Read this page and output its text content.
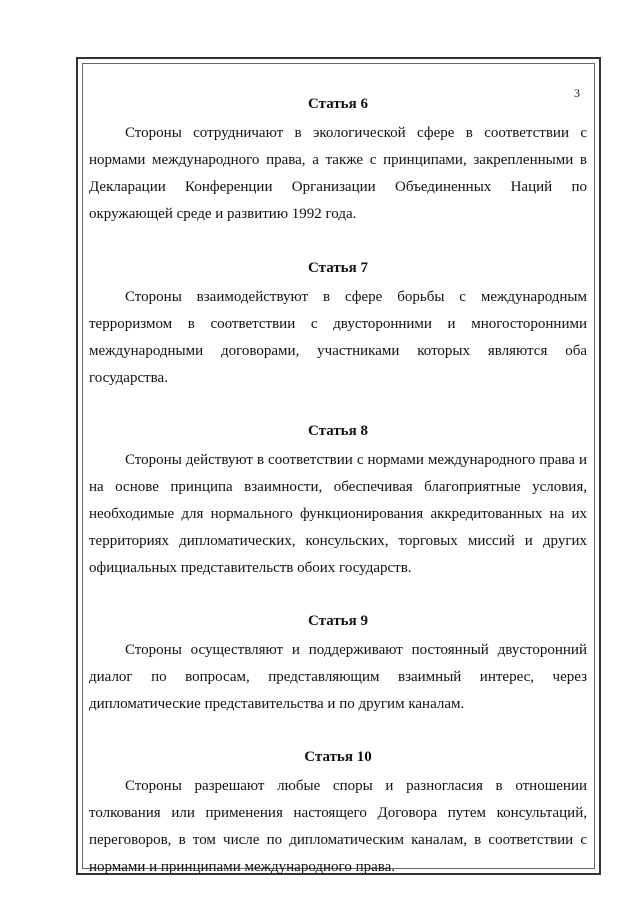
3
Статья 6

Стороны сотрудничают в экологической сфере в соответствии с нормами международного права, а также с принципами, закрепленными в Декларации Конференции Организации Объединенных Наций по окружающей среде и развитию 1992 года.

Статья 7

Стороны взаимодействуют в сфере борьбы с международным терроризмом в соответствии с двусторонними и многосторонними международными договорами, участниками которых являются оба государства.

Статья 8

Стороны действуют в соответствии с нормами международного права и на основе принципа взаимности, обеспечивая благоприятные условия, необходимые для нормального функционирования аккредитованных на их территориях дипломатических, консульских, торговых миссий и других официальных представительств обоих государств.

Статья 9

Стороны осуществляют и поддерживают постоянный двусторонний диалог по вопросам, представляющим взаимный интерес, через дипломатические представительства и по другим каналам.

Статья 10

Стороны разрешают любые споры и разногласия в отношении толкования или применения настоящего Договора путем консультаций, переговоров, в том числе по дипломатическим каналам, в соответствии с нормами и принципами международного права.
